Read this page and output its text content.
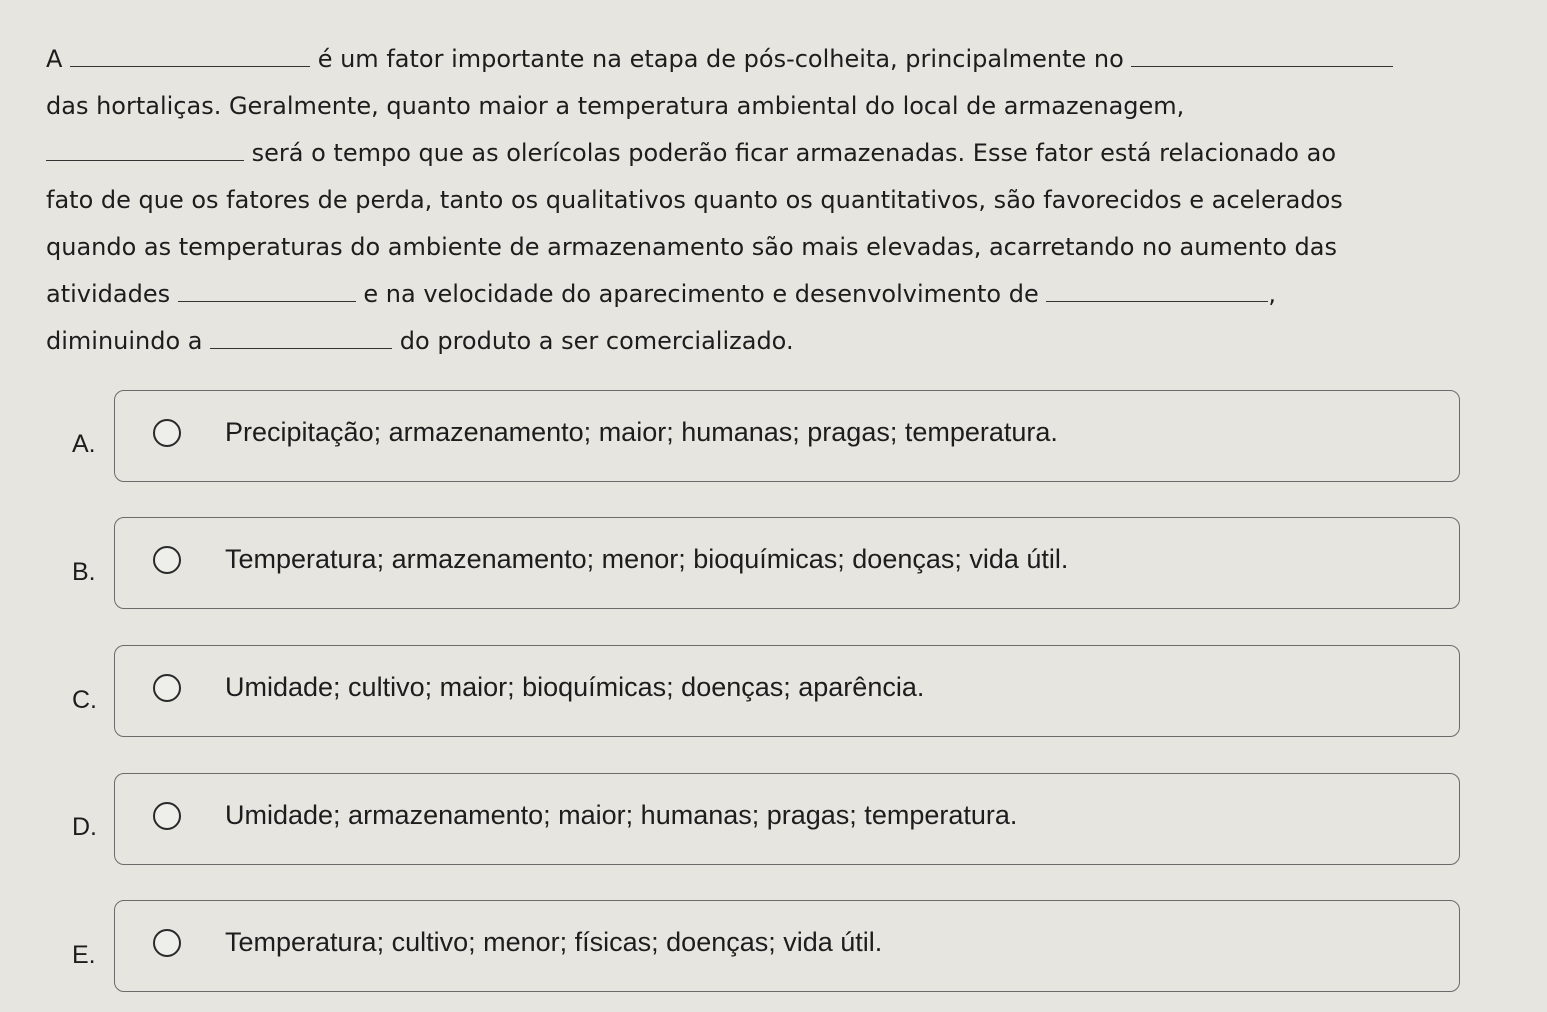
A	é um fator importante na etapa de pós-colheita, principalmente no
das hortaliças. Geralmente, quanto maior a temperatura ambiental do local de armazenagem,
será o tempo que as olerícolas poderão ficar armazenadas. Esse fator está relacionado ao
fato de que os fatores de perda, tanto os qualitativos quanto os quantitativos, são favorecidos e acelerados
quando as temperaturas do ambiente de armazenamento são mais elevadas, acarretando no aumento das
atividades	e na velocidade do aparecimento e desenvolvimento de	,
diminuindo a	do produto a ser comercializado.
A.	Precipitação; armazenamento; maior; humanas; pragas; temperatura.
B.	Temperatura; armazenamento; menor; bioquímicas; doenças; vida útil.
C.	Umidade; cultivo; maior; bioquímicas; doenças; aparência.
D.	Umidade; armazenamento; maior; humanas; pragas; temperatura.
E.	Temperatura; cultivo; menor; físicas; doenças; vida útil.
